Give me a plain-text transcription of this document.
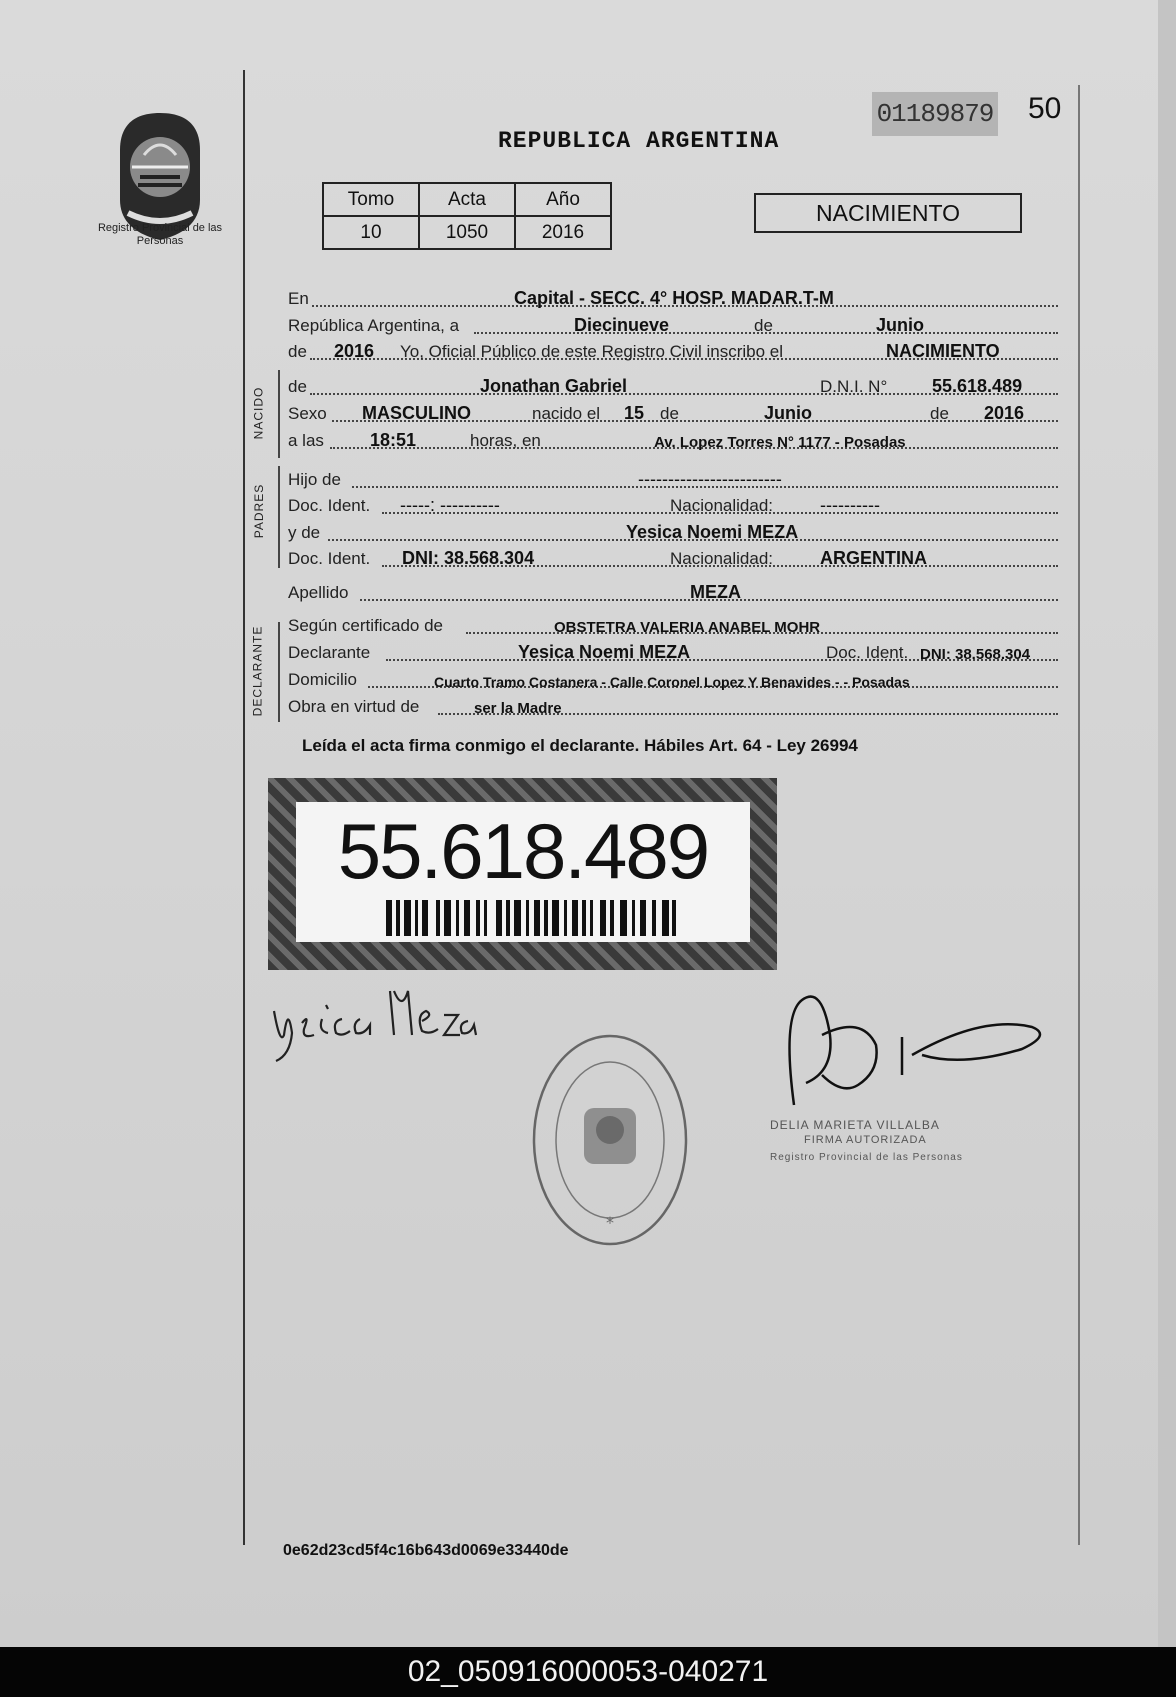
Registro Provincial de las Personas
01189879 50
REPUBLICA ARGENTINA
Tomo	Acta	Año
10	1050	2016
NACIMIENTO
En	Capital - SECC. 4° HOSP. MADAR.T-M
República Argentina, a	Diecinueve	de	Junio
de 2016 Yo, Oficial Público de este Registro Civil inscribo el	NACIMIENTO
NACIDO
de	Jonathan Gabriel	D.N.I. N° 55.618.489
Sexo MASCULINO	nacido el 15 de	Junio	de 2016
a las	18:51	horas, en	Av. Lopez Torres N° 1177 - Posadas
PADRES
Hijo de	------------------------
Doc. Ident. -----: ----------	Nacionalidad:	----------
y de	Yesica Noemi MEZA
Doc. Ident. DNI: 38.568.304	Nacionalidad:	ARGENTINA
Apellido	MEZA
DECLARANTE
Según certificado de	OBSTETRA VALERIA ANABEL MOHR
Declarante	Yesica Noemi MEZA	Doc. Ident. DNI: 38.568.304
Domicilio	Cuarto Tramo Costanera - Calle Coronel Lopez Y Benavides - - Posadas
Obra en virtud de	ser la Madre
Leída el acta firma conmigo el declarante. Hábiles Art. 64 - Ley 26994
55.618.489
*
DELIA MARIETA VILLALBA
FIRMA AUTORIZADA
Registro Provincial de las Personas
0e62d23cd5f4c16b643d0069e33440de
02_050916000053-040271
